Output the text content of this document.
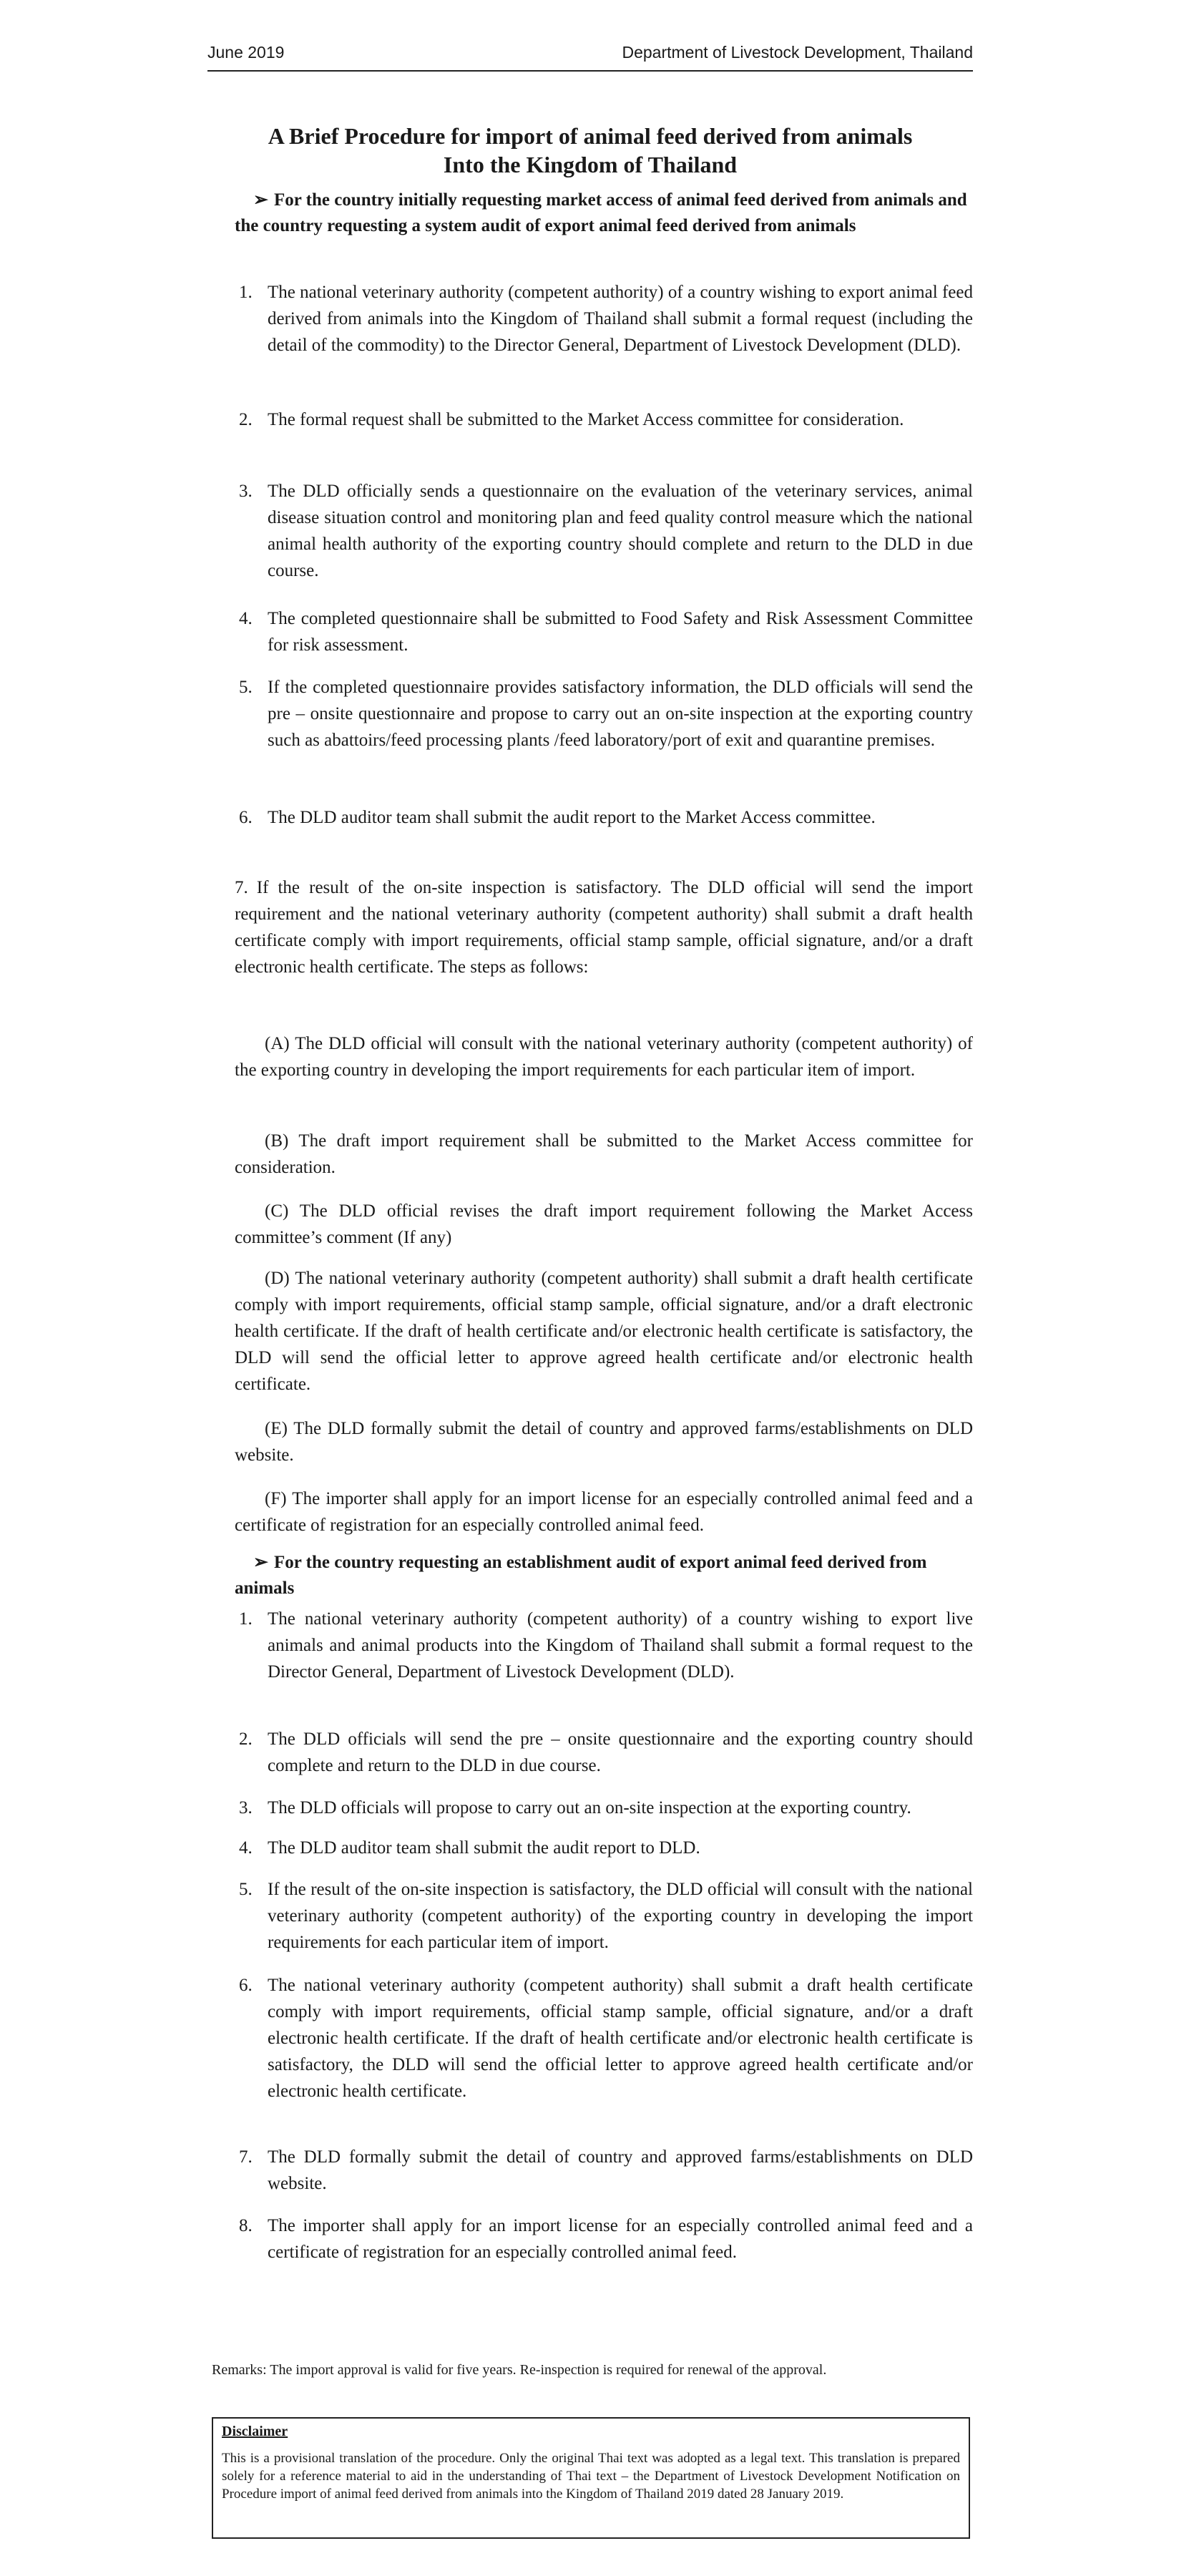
June 2019	Department of Livestock Development, Thailand
A Brief Procedure for import of animal feed derived from animals
Into the Kingdom of Thailand
➢ For the country initially requesting market access of animal feed derived from animals and the country requesting a system audit of export animal feed derived from animals
1. The national veterinary authority (competent authority) of a country wishing to export animal feed derived from animals into the Kingdom of Thailand shall submit a formal request (including the detail of the commodity) to the Director General, Department of Livestock Development (DLD).
2. The formal request shall be submitted to the Market Access committee for consideration.
3. The DLD officially sends a questionnaire on the evaluation of the veterinary services, animal disease situation control and monitoring plan and feed quality control measure which the national animal health authority of the exporting country should complete and return to the DLD in due course.
4. The completed questionnaire shall be submitted to Food Safety and Risk Assessment Committee for risk assessment.
5. If the completed questionnaire provides satisfactory information, the DLD officials will send the pre – onsite questionnaire and propose to carry out an on-site inspection at the exporting country such as abattoirs/feed processing plants /feed laboratory/port of exit and quarantine premises.
6. The DLD auditor team shall submit the audit report to the Market Access committee.
7. If the result of the on-site inspection is satisfactory. The DLD official will send the import requirement and the national veterinary authority (competent authority) shall submit a draft health certificate comply with import requirements, official stamp sample, official signature, and/or a draft electronic health certificate. The steps as follows:
(A) The DLD official will consult with the national veterinary authority (competent authority) of the exporting country in developing the import requirements for each particular item of import.
(B) The draft import requirement shall be submitted to the Market Access committee for consideration.
(C) The DLD official revises the draft import requirement following the Market Access committee’s comment (If any)
(D) The national veterinary authority (competent authority) shall submit a draft health certificate comply with import requirements, official stamp sample, official signature, and/or a draft electronic health certificate. If the draft of health certificate and/or electronic health certificate is satisfactory, the DLD will send the official letter to approve agreed health certificate and/or electronic health certificate.
(E) The DLD formally submit the detail of country and approved farms/establishments on DLD website.
(F) The importer shall apply for an import license for an especially controlled animal feed and a certificate of registration for an especially controlled animal feed.
➢ For the country requesting an establishment audit of export animal feed derived from animals
1. The national veterinary authority (competent authority) of a country wishing to export live animals and animal products into the Kingdom of Thailand shall submit a formal request to the Director General, Department of Livestock Development (DLD).
2. The DLD officials will send the pre – onsite questionnaire and the exporting country should complete and return to the DLD in due course.
3. The DLD officials will propose to carry out an on-site inspection at the exporting country.
4. The DLD auditor team shall submit the audit report to DLD.
5. If the result of the on-site inspection is satisfactory, the DLD official will consult with the national veterinary authority (competent authority) of the exporting country in developing the import requirements for each particular item of import.
6. The national veterinary authority (competent authority) shall submit a draft health certificate comply with import requirements, official stamp sample, official signature, and/or a draft electronic health certificate. If the draft of health certificate and/or electronic health certificate is satisfactory, the DLD will send the official letter to approve agreed health certificate and/or electronic health certificate.
7. The DLD formally submit the detail of country and approved farms/establishments on DLD website.
8. The importer shall apply for an import license for an especially controlled animal feed and a certificate of registration for an especially controlled animal feed.
Remarks: The import approval is valid for five years. Re-inspection is required for renewal of the approval.
Disclaimer
This is a provisional translation of the procedure. Only the original Thai text was adopted as a legal text. This translation is prepared solely for a reference material to aid in the understanding of Thai text – the Department of Livestock Development Notification on Procedure import of animal feed derived from animals into the Kingdom of Thailand 2019 dated 28 January 2019.
